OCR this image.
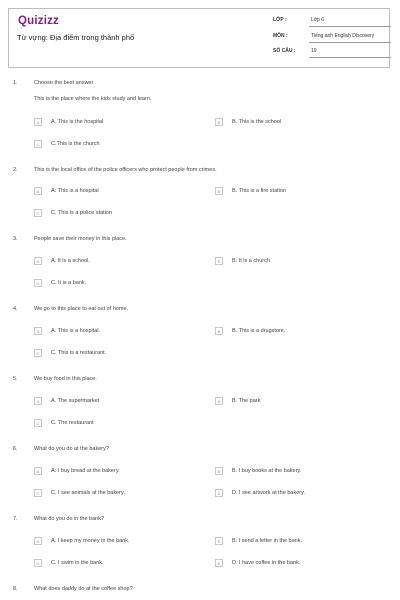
Quizizz
Từ vựng: Địa điểm trong thành phố
LỚP :	Lớp 6
MÔN :	Tiếng anh English Discovery
SỐ CÂU :	19
1.	Choose the best answer
This is the place where the kids study and learn.
A	A. This is the hospital	B	B. This is the school
C	C.This is the church
2.	This is the local office of the police officers who protect people from crimes.
A	A. This is a hospital	B	B. This is a fire station
C	C. This is a police station
3.	People save their money in this place.
A	A. It is a school.	B	B. It is a church
C	C. It is a bank.
4.	We go to this place to eat out of home.
A	A. This is a hospital.	B	B. This is a drugstore.
C	C. This is a restaurant.
5.	We buy food in this place.
A	A. The supermarket	B	B. The park
C	C. The restaurant
6.	What do you do at the bakery?
A	A. I buy bread at the bakery.	B	B. I buy books at the bakery.
C	C. I see animals at the bakery.	D	D. I see artwork at the bakery.
7.	What do you do in the bank?
A	A. I keep my money in the bank.	B	B. I send a letter in the bank.
C	C. I swim in the bank.	D	D. I have coffee in the bank.
8.	What does daddy do at the coffee shop?
